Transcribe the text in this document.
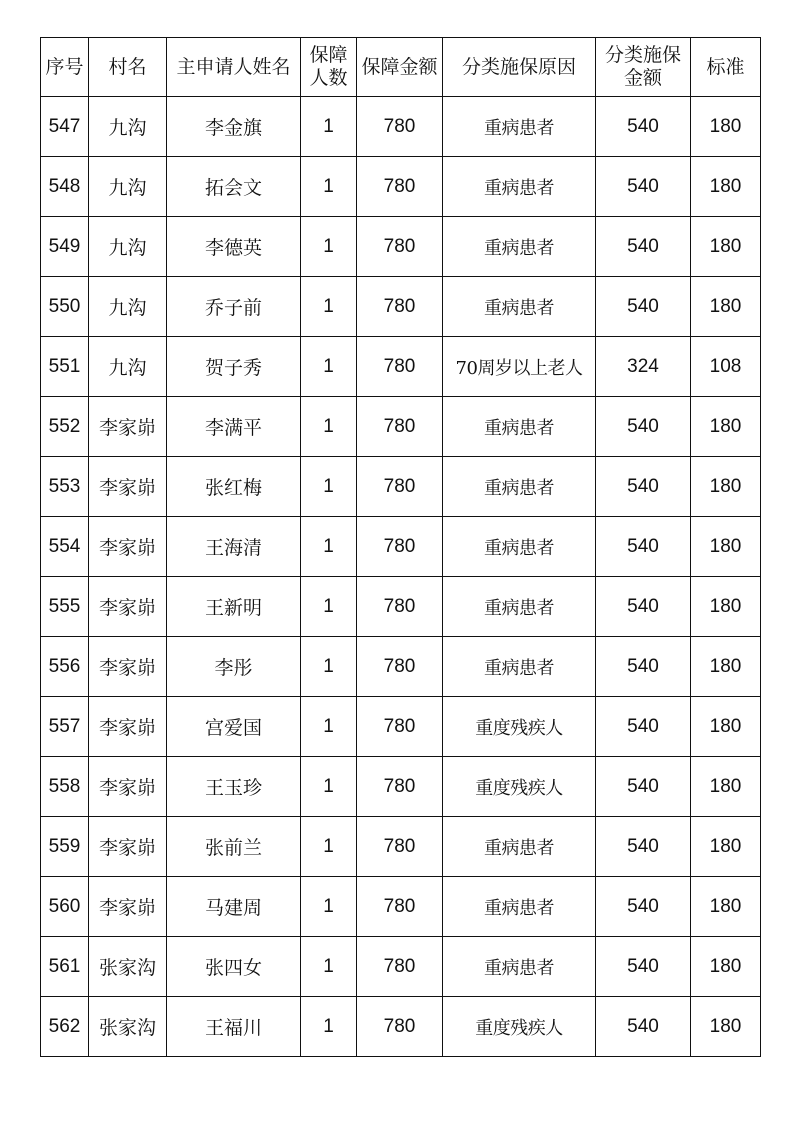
序号	村名	主申请人姓名	保障人数	保障金额	分类施保原因	分类施保金额	标准
547	九沟	李金旗	1	780	重病患者	540	180
548	九沟	拓会文	1	780	重病患者	540	180
549	九沟	李德英	1	780	重病患者	540	180
550	九沟	乔子前	1	780	重病患者	540	180
551	九沟	贺子秀	1	780	70周岁以上老人	324	108
552	李家峁	李满平	1	780	重病患者	540	180
553	李家峁	张红梅	1	780	重病患者	540	180
554	李家峁	王海清	1	780	重病患者	540	180
555	李家峁	王新明	1	780	重病患者	540	180
556	李家峁	李彤	1	780	重病患者	540	180
557	李家峁	宫爱国	1	780	重度残疾人	540	180
558	李家峁	王玉珍	1	780	重度残疾人	540	180
559	李家峁	张前兰	1	780	重病患者	540	180
560	李家峁	马建周	1	780	重病患者	540	180
561	张家沟	张四女	1	780	重病患者	540	180
562	张家沟	王福川	1	780	重度残疾人	540	180
